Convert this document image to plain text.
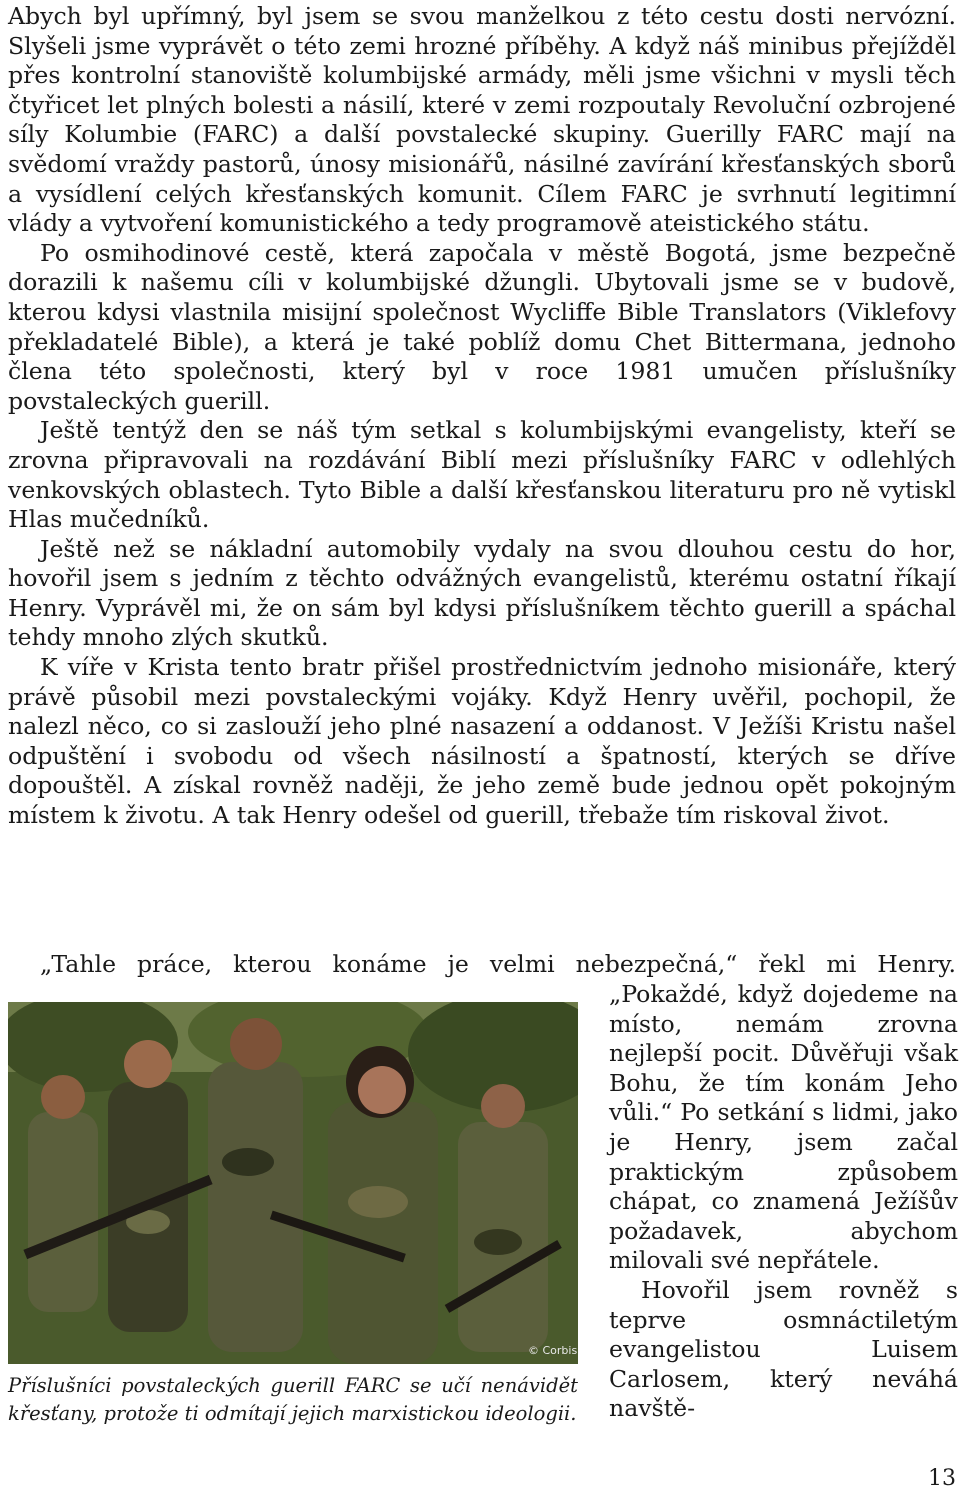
Abych byl upřímný, byl jsem se svou manželkou z této cestu dosti nervózní. Slyšeli jsme vyprávět o této zemi hrozné příběhy. A když náš minibus přejížděl přes kontrolní stanoviště kolumbijské armády, měli jsme všichni v mysli těch čtyřicet let plných bolesti a násilí, které v zemi rozpoutaly Revoluční ozbrojené síly Kolumbie (FARC) a další povstalecké skupiny. Guerilly FARC mají na svědomí vraždy pastorů, únosy misionářů, násilné zavírání křesťanských sborů a vysídlení celých křesťanských komunit. Cílem FARC je svrhnutí legitimní vlády a vytvoření komunistického a tedy programově ateistického státu.

Po osmihodinové cestě, která započala v městě Bogotá, jsme bezpečně dorazili k našemu cíli v kolumbijské džungli. Ubytovali jsme se v budově, kterou kdysi vlastnila misijní společnost Wycliffe Bible Translators (Viklefovy překladatelé Bible), a která je také poblíž domu Chet Bittermana, jednoho člena této společnosti, který byl v roce 1981 umučen příslušníky povstaleckých guerill.

Ještě tentýž den se náš tým setkal s kolumbijskými evangelisty, kteří se zrovna připravovali na rozdávání Biblí mezi příslušníky FARC v odlehlých venkovských oblastech. Tyto Bible a další křesťanskou literaturu pro ně vytiskl Hlas mučedníků.

Ještě než se nákladní automobily vydaly na svou dlouhou cestu do hor, hovořil jsem s jedním z těchto odvážných evangelistů, kterému ostatní říkají Henry. Vyprávěl mi, že on sám byl kdysi příslušníkem těchto guerill a spáchal tehdy mnoho zlých skutků.

K víře v Krista tento bratr přišel prostřednictvím jednoho misionáře, který právě působil mezi povstaleckými vojáky. Když Henry uvěřil, pochopil, že nalezl něco, co si zaslouží jeho plné nasazení a oddanost. V Ježíši Kristu našel odpuštění i svobodu od všech násilností a špatností, kterých se dříve dopouštěl. A získal rovněž naději, že jeho země bude jednou opět pokojným místem k životu. A tak Henry odešel od guerill, třebaže tím riskoval život.

„Tahle práce, kterou konáme je velmi nebezpečná,“ řekl mi Henry.
© Corbis
Příslušníci povstaleckých guerill FARC se učí nenávidět křesťany, protože ti odmítají jejich marxistickou ideologii.

„Pokaždé, když dojedeme na místo, nemám zrovna nejlepší pocit. Důvěřuji však Bohu, že tím konám Jeho vůli.“ Po setkání s lidmi, jako je Henry, jsem začal praktickým způsobem chápat, co znamená Ježíšův požadavek, abychom milovali své nepřátele.

Hovořil jsem rovněž s teprve osmnáctiletým evangelistou Luisem Carlosem, který neváhá navště-

13
